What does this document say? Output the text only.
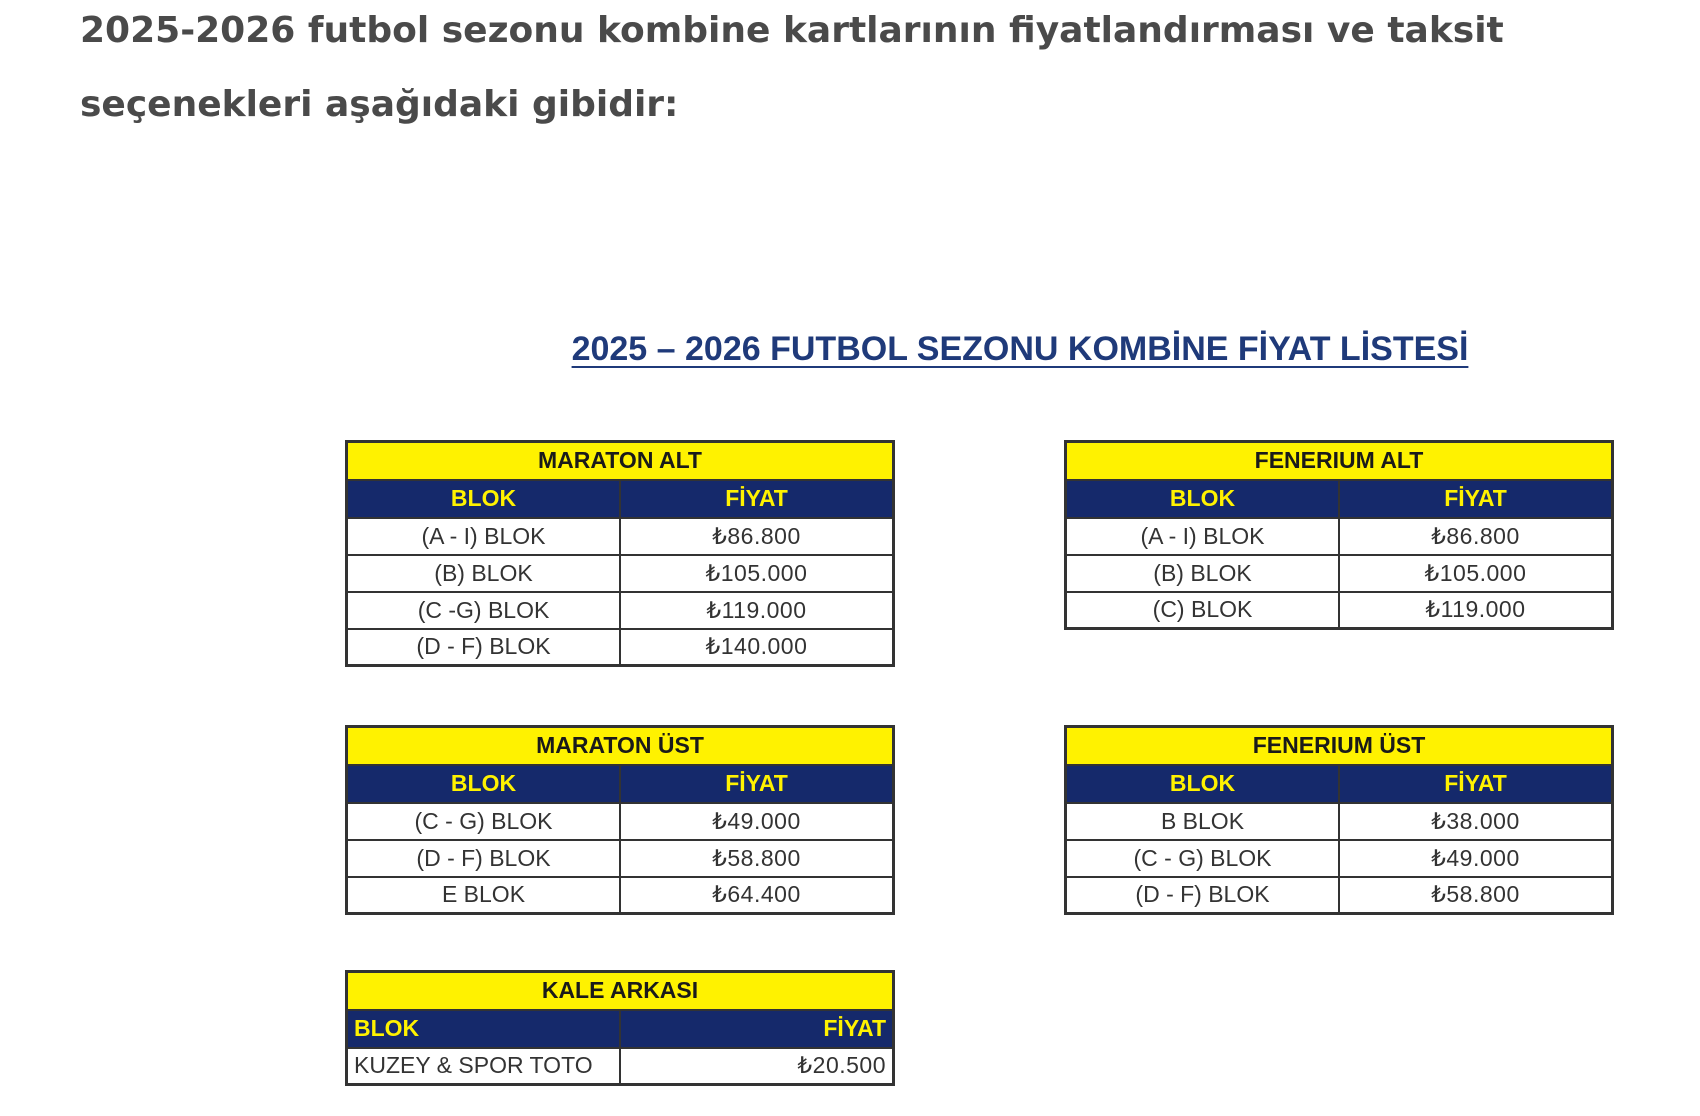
2025-2026 futbol sezonu kombine kartlarının fiyatlandırması ve taksit seçenekleri aşağıdaki gibidir:

2025 – 2026 FUTBOL SEZONU KOMBİNE FİYAT LİSTESİ
MARATON ALT	
BLOK	FİYAT
(A - I) BLOK	₺86.800
(B) BLOK	₺105.000
(C -G) BLOK	₺119.000
(D - F) BLOK	₺140.000
FENERIUM ALT	
BLOK	FİYAT
(A - I) BLOK	₺86.800
(B) BLOK	₺105.000
(C) BLOK	₺119.000
MARATON ÜST	
BLOK	FİYAT
(C - G) BLOK	₺49.000
(D - F) BLOK	₺58.800
E BLOK	₺64.400
FENERIUM ÜST	
BLOK	FİYAT
B BLOK	₺38.000
(C - G) BLOK	₺49.000
(D - F) BLOK	₺58.800
KALE ARKASI	
BLOK	FİYAT
KUZEY & SPOR TOTO	₺20.500
